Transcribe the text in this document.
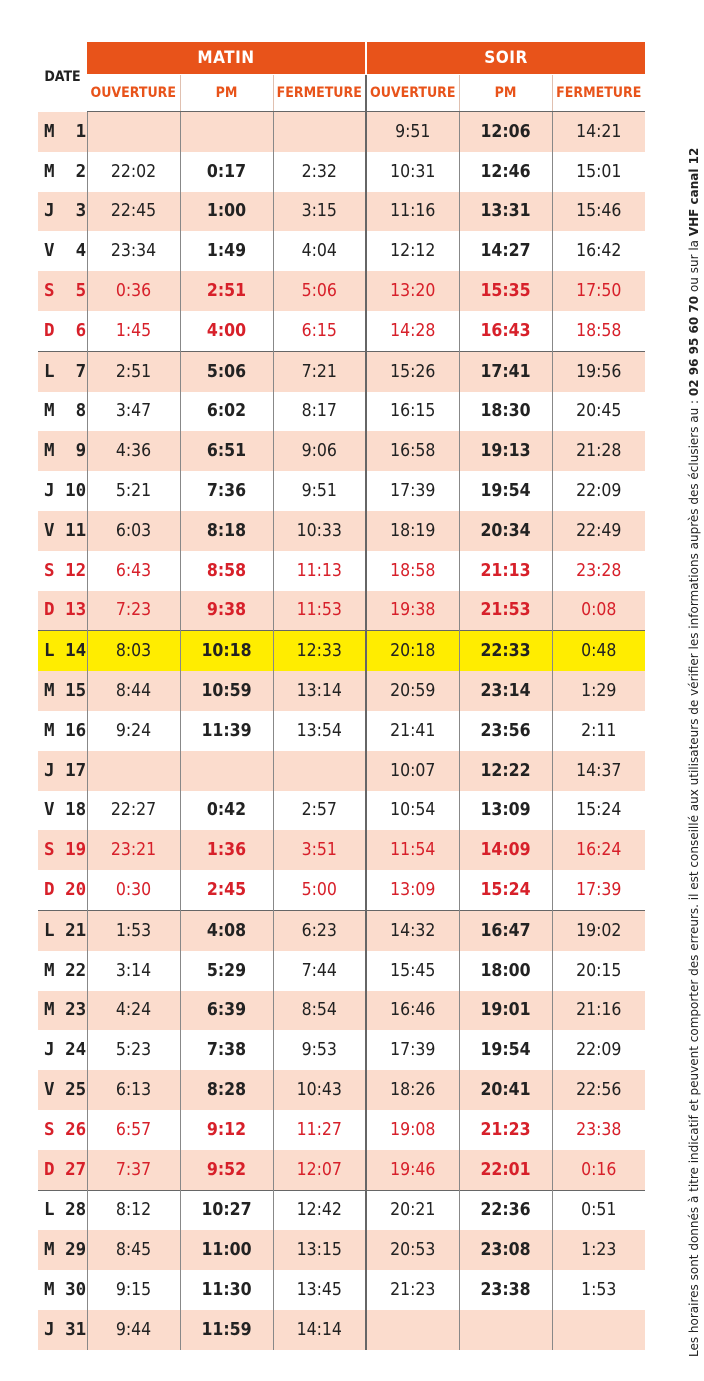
DATE	MATIN			SOIR		
	OUVERTURE	PM	FERMETURE	OUVERTURE	PM	FERMETURE
M  1				9:51	12:06	14:21
M  2	22:02	0:17	2:32	10:31	12:46	15:01
J  3	22:45	1:00	3:15	11:16	13:31	15:46
V  4	23:34	1:49	4:04	12:12	14:27	16:42
S  5	0:36	2:51	5:06	13:20	15:35	17:50
D  6	1:45	4:00	6:15	14:28	16:43	18:58
L  7	2:51	5:06	7:21	15:26	17:41	19:56
M  8	3:47	6:02	8:17	16:15	18:30	20:45
M  9	4:36	6:51	9:06	16:58	19:13	21:28
J 10	5:21	7:36	9:51	17:39	19:54	22:09
V 11	6:03	8:18	10:33	18:19	20:34	22:49
S 12	6:43	8:58	11:13	18:58	21:13	23:28
D 13	7:23	9:38	11:53	19:38	21:53	0:08
L 14	8:03	10:18	12:33	20:18	22:33	0:48
M 15	8:44	10:59	13:14	20:59	23:14	1:29
M 16	9:24	11:39	13:54	21:41	23:56	2:11
J 17				10:07	12:22	14:37
V 18	22:27	0:42	2:57	10:54	13:09	15:24
S 19	23:21	1:36	3:51	11:54	14:09	16:24
D 20	0:30	2:45	5:00	13:09	15:24	17:39
L 21	1:53	4:08	6:23	14:32	16:47	19:02
M 22	3:14	5:29	7:44	15:45	18:00	20:15
M 23	4:24	6:39	8:54	16:46	19:01	21:16
J 24	5:23	7:38	9:53	17:39	19:54	22:09
V 25	6:13	8:28	10:43	18:26	20:41	22:56
S 26	6:57	9:12	11:27	19:08	21:23	23:38
D 27	7:37	9:52	12:07	19:46	22:01	0:16
L 28	8:12	10:27	12:42	20:21	22:36	0:51
M 29	8:45	11:00	13:15	20:53	23:08	1:23
M 30	9:15	11:30	13:45	21:23	23:38	1:53
J 31	9:44	11:59	14:14				Les horaires sont donnés à titre indicatif et peuvent comporter des erreurs. il est conseillé aux utilisateurs de vérifier les informations auprès des éclusiers au : 02 96 95 60 70 ou sur la VHF canal 12
